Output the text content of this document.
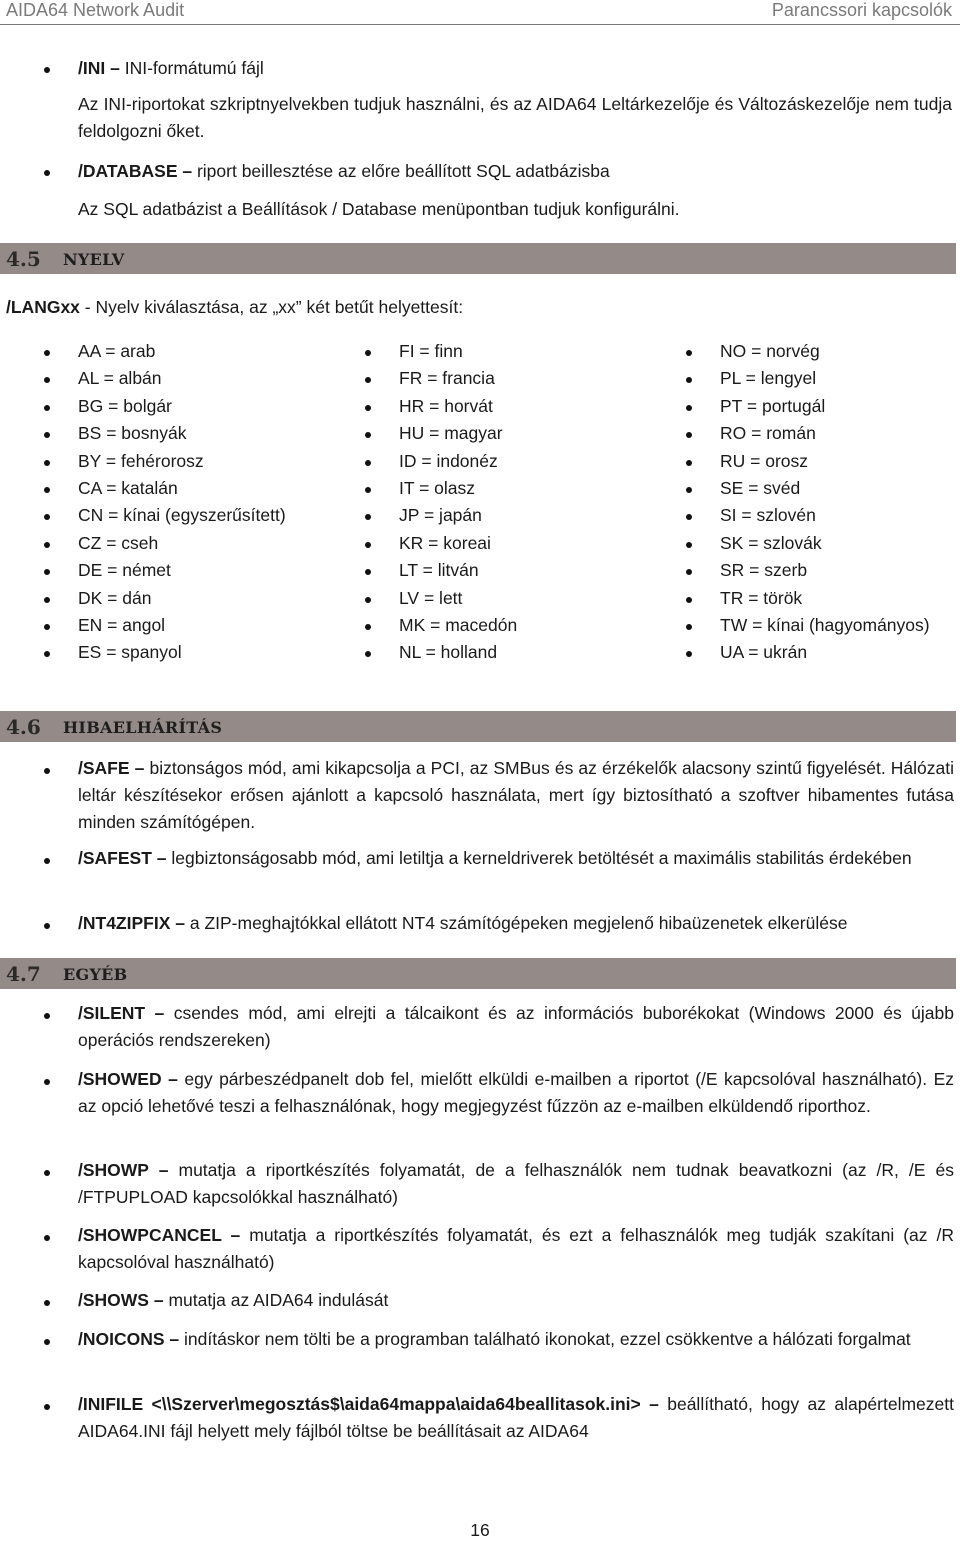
AIDA64 Network Audit	Parancssori kapcsolók
/INI – INI-formátumú fájl
Az INI-riportokat szkriptnyelvekben tudjuk használni, és az AIDA64 Leltárkezelője és Változáskezelője nem tudja feldolgozni őket.
/DATABASE – riport beillesztése az előre beállított SQL adatbázisba
Az SQL adatbázist a Beállítások / Database menüpontban tudjuk konfigurálni.
4.5 NYELV
/LANGxx - Nyelv kiválasztása, az „xx” két betűt helyettesít:
AA = arab
AL = albán
BG = bolgár
BS = bosnyák
BY = fehérorosz
CA = katalán
CN = kínai (egyszerűsített)
CZ = cseh
DE = német
DK = dán
EN = angol
ES = spanyol
FI = finn
FR = francia
HR = horvát
HU = magyar
ID = indonéz
IT = olasz
JP = japán
KR = koreai
LT = litván
LV = lett
MK = macedón
NL = holland
NO = norvég
PL = lengyel
PT = portugál
RO = román
RU = orosz
SE = svéd
SI = szlovén
SK = szlovák
SR = szerb
TR = török
TW = kínai (hagyományos)
UA = ukrán
4.6 HIBAELHÁRÍTÁS
/SAFE – biztonságos mód, ami kikapcsolja a PCI, az SMBus és az érzékelők alacsony szintű figyelését. Hálózati leltár készítésekor erősen ajánlott a kapcsoló használata, mert így biztosítható a szoftver hibamentes futása minden számítógépen.
/SAFEST – legbiztonságosabb mód, ami letiltja a kerneldriverek betöltését a maximális stabilitás érdekében
/NT4ZIPFIX – a ZIP-meghajtókkal ellátott NT4 számítógépeken megjelenő hibaüzenetek elkerülése
4.7 EGYÉB
/SILENT – csendes mód, ami elrejti a tálcaikont és az információs buborékokat (Windows 2000 és újabb operációs rendszereken)
/SHOWED – egy párbeszédpanelt dob fel, mielőtt elküldi e-mailben a riportot (/E kapcsolóval használható). Ez az opció lehetővé teszi a felhasználónak, hogy megjegyzést fűzzön az e-mailben elküldendő riporthoz.
/SHOWP – mutatja a riportkészítés folyamatát, de a felhasználók nem tudnak beavatkozni (az /R, /E és /FTPUPLOAD kapcsolókkal használható)
/SHOWPCANCEL – mutatja a riportkészítés folyamatát, és ezt a felhasználók meg tudják szakítani (az /R kapcsolóval használható)
/SHOWS – mutatja az AIDA64 indulását
/NOICONS – indításkor nem tölti be a programban található ikonokat, ezzel csökkentve a hálózati forgalmat
/INIFILE <\\Szerver\megosztás$\aida64mappa\aida64beallitasok.ini> – beállítható, hogy az alapértelmezett AIDA64.INI fájl helyett mely fájlból töltse be beállításait az AIDA64
16
